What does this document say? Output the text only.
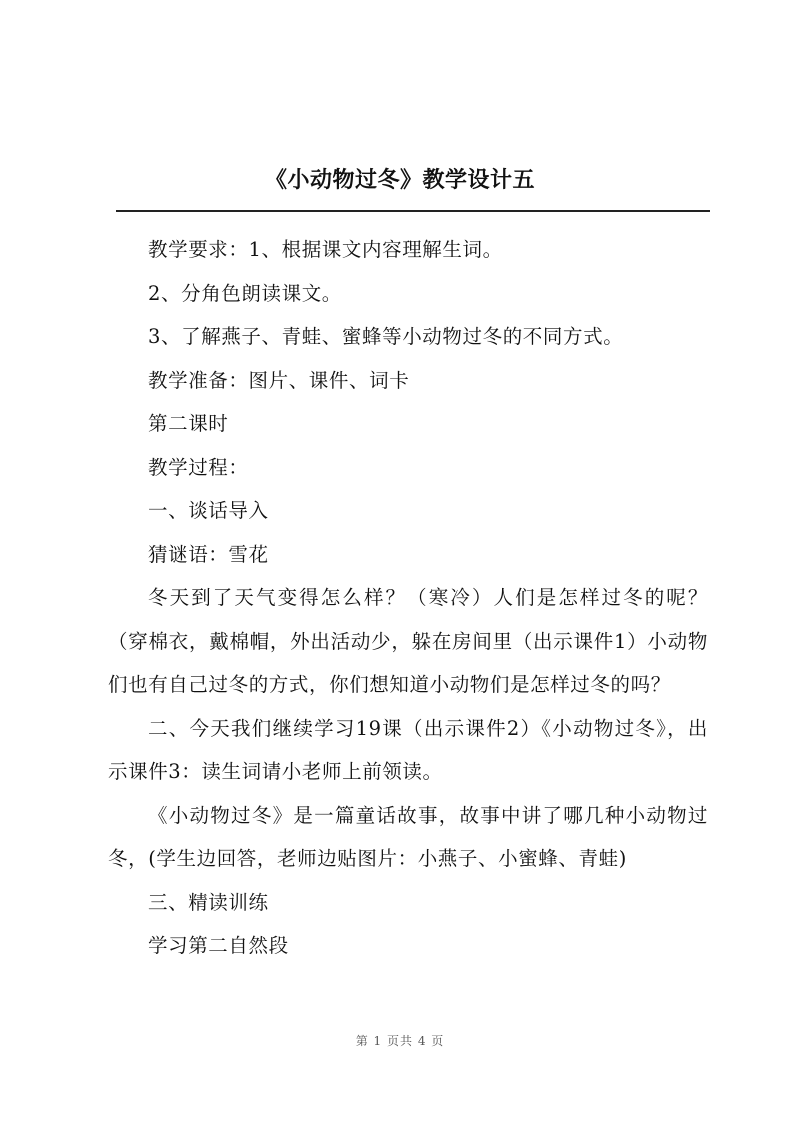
《小动物过冬》教学设计五

教学要求：1、根据课文内容理解生词。

2、分角色朗读课文。

3、了解燕子、青蛙、蜜蜂等小动物过冬的不同方式。

教学准备：图片、课件、词卡

第二课时

教学过程：

一、谈话导入

猜谜语：雪花

冬天到了天气变得怎么样？（寒冷）人们是怎样过冬的呢？（穿棉衣，戴棉帽，外出活动少，躲在房间里（出示课件1）小动物们也有自己过冬的方式，你们想知道小动物们是怎样过冬的吗？

二、今天我们继续学习19课（出示课件2）《小动物过冬》，出示课件3：读生词请小老师上前领读。

《小动物过冬》是一篇童话故事，故事中讲了哪几种小动物过冬，(学生边回答，老师边贴图片：小燕子、小蜜蜂、青蛙)

三、精读训练

学习第二自然段

第 1 页共 4 页
